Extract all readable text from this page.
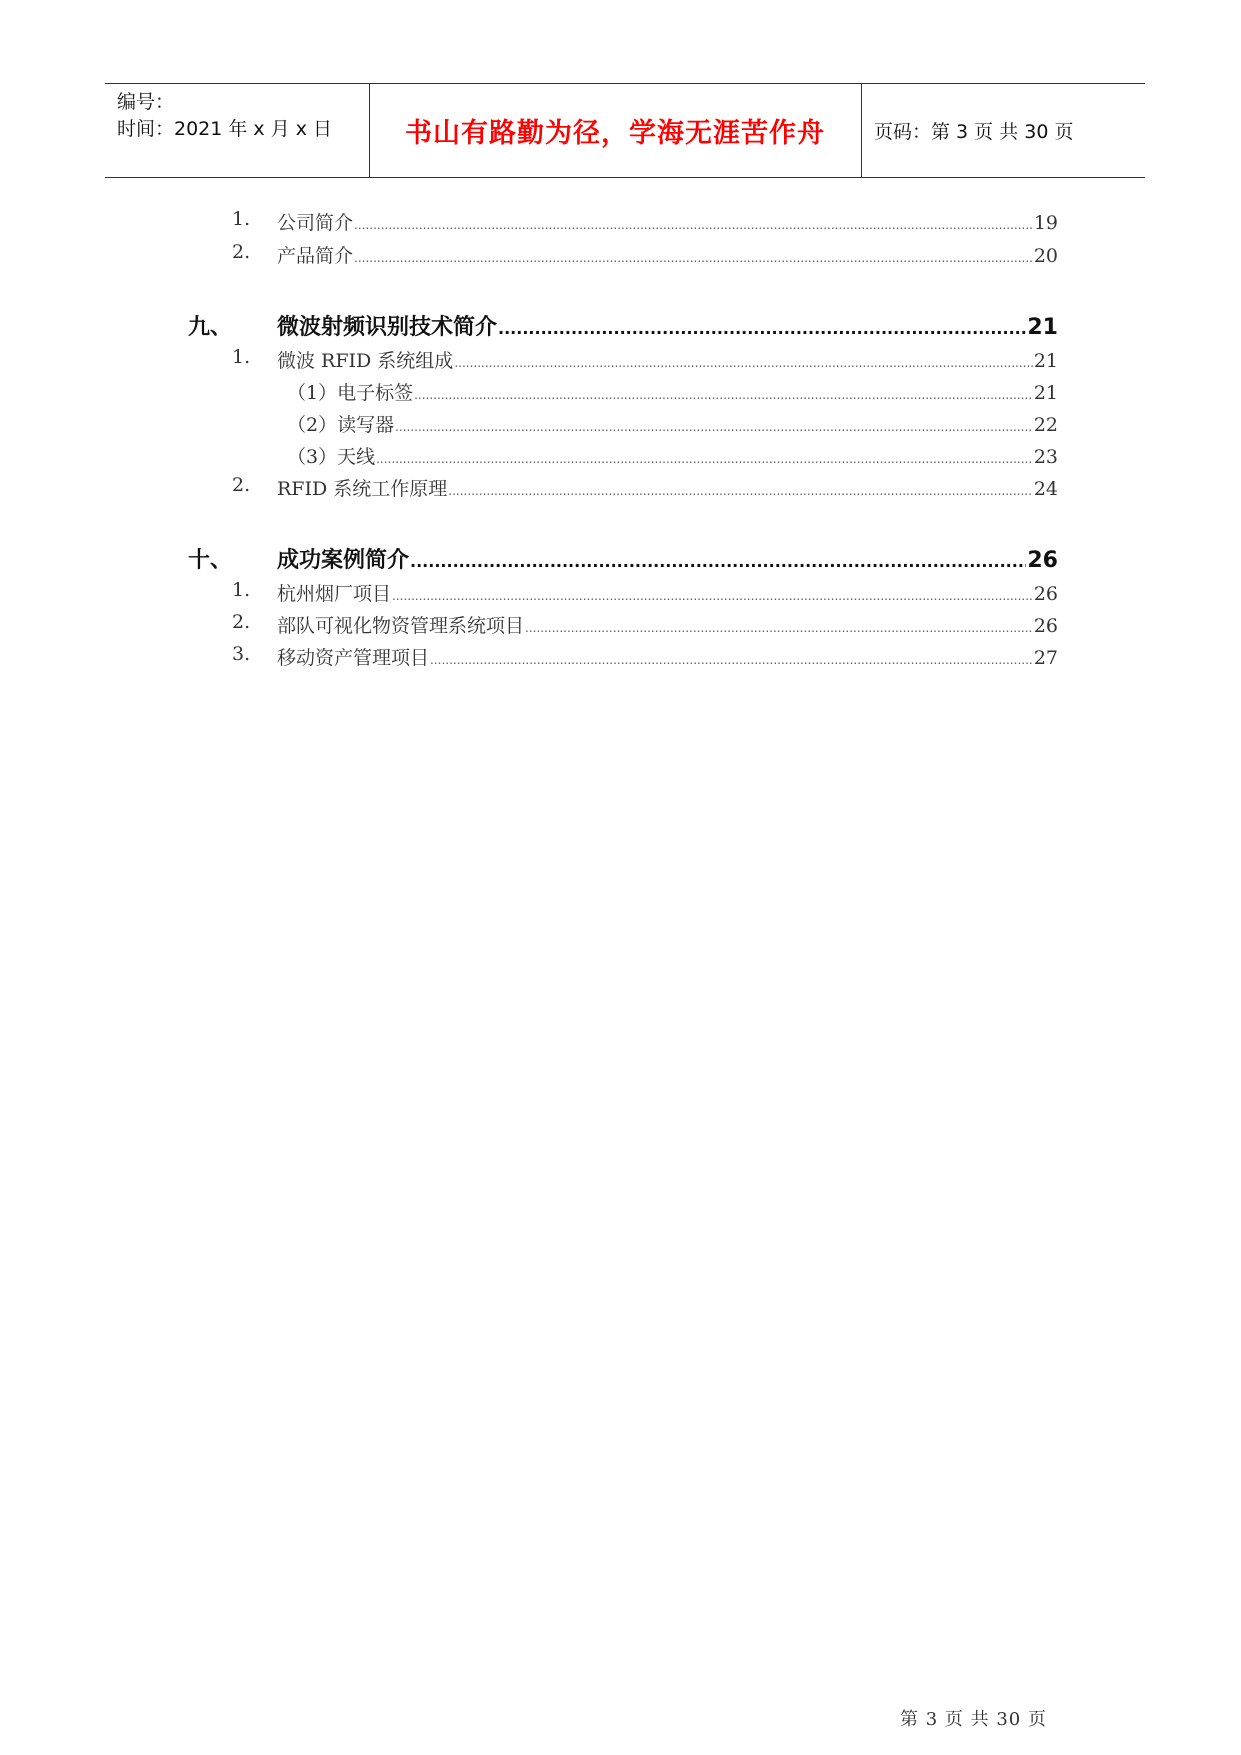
编号：
时间：2021 年 x 月 x 日	书山有路勤为径，学海无涯苦作舟	页码：第 3 页 共 30 页
1. 公司简介 .....	19
2. 产品简介 .....	20
九、 微波射频识别技术简介 .....	21
1. 微波 RFID 系统组成 .....	21
（1）电子标签 .....	21
（2）读写器 .....	22
（3）天线 .....	23
2. RFID 系统工作原理 .....	24
十、 成功案例简介 .....	26
1. 杭州烟厂项目 .....	26
2. 部队可视化物资管理系统项目 .....	26
3. 移动资产管理项目 .....	27
第 3 页 共 30 页
